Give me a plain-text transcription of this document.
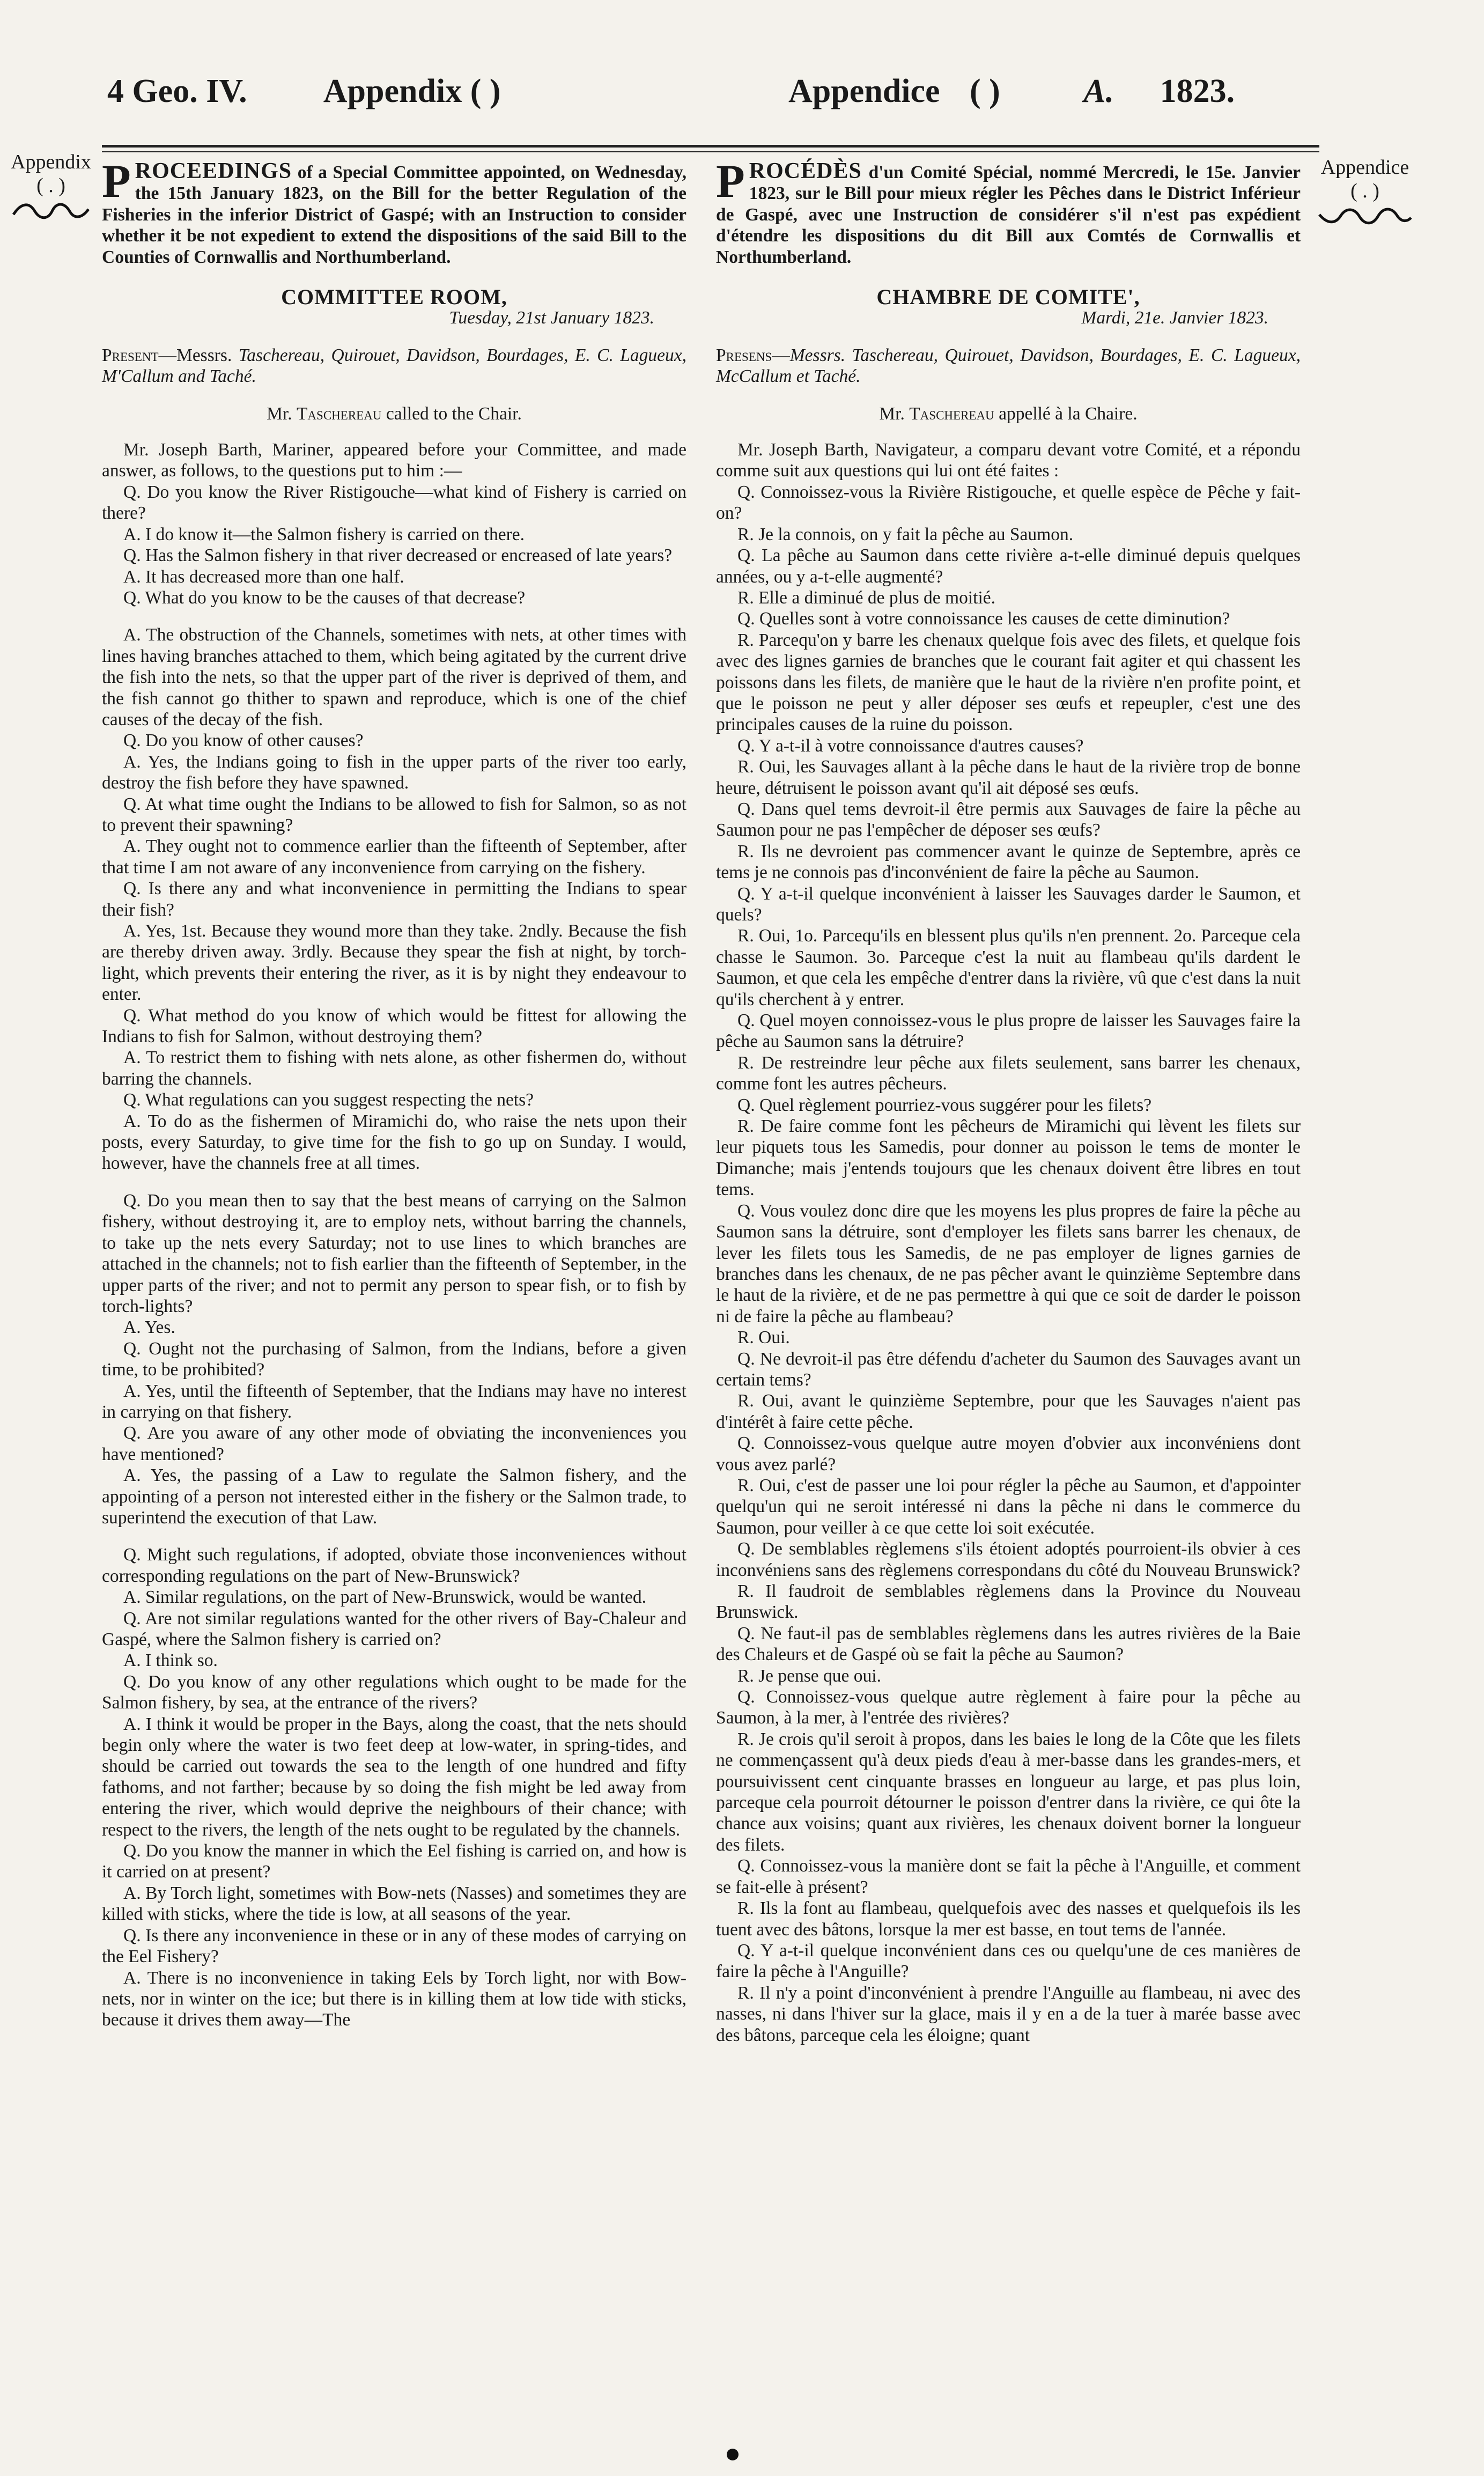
4 Geo. IV. Appendix ( )	Appendice ( )	A. 1823.
Appendix
( . )
Appendice
( . )
PROCEEDINGS of a Special Committee appointed, on Wednesday, the 15th January 1823, on the Bill for the better Regulation of the Fisheries in the inferior District of Gaspé; with an Instruction to consider whether it be not expedient to extend the dispositions of the said Bill to the Counties of Cornwallis and Northumberland.
COMMITTEE ROOM,
Tuesday, 21st January 1823.
Present—Messrs. Taschereau, Quirouet, Davidson, Bourdages, E. C. Lagueux, M'Callum and Taché.
Mr. Taschereau called to the Chair.

Mr. Joseph Barth, Mariner, appeared before your Committee, and made answer, as follows, to the questions put to him :—

Q. Do you know the River Ristigouche—what kind of Fishery is carried on there?

A. I do know it—the Salmon fishery is carried on there.

Q. Has the Salmon fishery in that river decreased or encreased of late years?

A. It has decreased more than one half.

Q. What do you know to be the causes of that decrease?

A. The obstruction of the Channels, sometimes with nets, at other times with lines having branches attached to them, which being agitated by the current drive the fish into the nets, so that the upper part of the river is deprived of them, and the fish cannot go thither to spawn and reproduce, which is one of the chief causes of the decay of the fish.

Q. Do you know of other causes?

A. Yes, the Indians going to fish in the upper parts of the river too early, destroy the fish before they have spawned.

Q. At what time ought the Indians to be allowed to fish for Salmon, so as not to prevent their spawning?

A. They ought not to commence earlier than the fifteenth of September, after that time I am not aware of any inconvenience from carrying on the fishery.

Q. Is there any and what inconvenience in permitting the Indians to spear their fish?

A. Yes, 1st. Because they wound more than they take. 2ndly. Because the fish are thereby driven away. 3rdly. Because they spear the fish at night, by torch-light, which prevents their entering the river, as it is by night they endeavour to enter.

Q. What method do you know of which would be fittest for allowing the Indians to fish for Salmon, without destroying them?

A. To restrict them to fishing with nets alone, as other fishermen do, without barring the channels.

Q. What regulations can you suggest respecting the nets?

A. To do as the fishermen of Miramichi do, who raise the nets upon their posts, every Saturday, to give time for the fish to go up on Sunday. I would, however, have the channels free at all times.

Q. Do you mean then to say that the best means of carrying on the Salmon fishery, without destroying it, are to employ nets, without barring the channels, to take up the nets every Saturday; not to use lines to which branches are attached in the channels; not to fish earlier than the fifteenth of September, in the upper parts of the river; and not to permit any person to spear fish, or to fish by torch-lights?

A. Yes.

Q. Ought not the purchasing of Salmon, from the Indians, before a given time, to be prohibited?

A. Yes, until the fifteenth of September, that the Indians may have no interest in carrying on that fishery.

Q. Are you aware of any other mode of obviating the inconveniences you have mentioned?

A. Yes, the passing of a Law to regulate the Salmon fishery, and the appointing of a person not interested either in the fishery or the Salmon trade, to superintend the execution of that Law.

Q. Might such regulations, if adopted, obviate those inconveniences without corresponding regulations on the part of New-Brunswick?

A. Similar regulations, on the part of New-Brunswick, would be wanted.

Q. Are not similar regulations wanted for the other rivers of Bay-Chaleur and Gaspé, where the Salmon fishery is carried on?

A. I think so.

Q. Do you know of any other regulations which ought to be made for the Salmon fishery, by sea, at the entrance of the rivers?

A. I think it would be proper in the Bays, along the coast, that the nets should begin only where the water is two feet deep at low-water, in spring-tides, and should be carried out towards the sea to the length of one hundred and fifty fathoms, and not farther; because by so doing the fish might be led away from entering the river, which would deprive the neighbours of their chance; with respect to the rivers, the length of the nets ought to be regulated by the channels.

Q. Do you know the manner in which the Eel fishing is carried on, and how is it carried on at present?

A. By Torch light, sometimes with Bow-nets (Nasses) and sometimes they are killed with sticks, where the tide is low, at all seasons of the year.

Q. Is there any inconvenience in these or in any of these modes of carrying on the Eel Fishery?

A. There is no inconvenience in taking Eels by Torch light, nor with Bow-nets, nor in winter on the ice; but there is in killing them at low tide with sticks, because it drives them away—The

PROCÉDÈS d'un Comité Spécial, nommé Mercredi, le 15e. Janvier 1823, sur le Bill pour mieux régler les Pêches dans le District Inférieur de Gaspé, avec une Instruction de considérer s'il n'est pas expédient d'étendre les dispositions du dit Bill aux Comtés de Cornwallis et Northumberland.
CHAMBRE DE COMITE',
Mardi, 21e. Janvier 1823.
Presens—Messrs. Taschereau, Quirouet, Davidson, Bourdages, E. C. Lagueux, McCallum et Taché.
Mr. Taschereau appellé à la Chaire.

Mr. Joseph Barth, Navigateur, a comparu devant votre Comité, et a répondu comme suit aux questions qui lui ont été faites :

Q. Connoissez-vous la Rivière Ristigouche, et quelle espèce de Pêche y fait-on?

R. Je la connois, on y fait la pêche au Saumon.

Q. La pêche au Saumon dans cette rivière a-t-elle diminué depuis quelques années, ou y a-t-elle augmenté?

R. Elle a diminué de plus de moitié.

Q. Quelles sont à votre connoissance les causes de cette diminution?

R. Parcequ'on y barre les chenaux quelque fois avec des filets, et quelque fois avec des lignes garnies de branches que le courant fait agiter et qui chassent les poissons dans les filets, de manière que le haut de la rivière n'en profite point, et que le poisson ne peut y aller déposer ses œufs et repeupler, c'est une des principales causes de la ruine du poisson.

Q. Y a-t-il à votre connoissance d'autres causes?

R. Oui, les Sauvages allant à la pêche dans le haut de la rivière trop de bonne heure, détruisent le poisson avant qu'il ait déposé ses œufs.

Q. Dans quel tems devroit-il être permis aux Sauvages de faire la pêche au Saumon pour ne pas l'empêcher de déposer ses œufs?

R. Ils ne devroient pas commencer avant le quinze de Septembre, après ce tems je ne connois pas d'inconvénient de faire la pêche au Saumon.

Q. Y a-t-il quelque inconvénient à laisser les Sauvages darder le Saumon, et quels?

R. Oui, 1o. Parcequ'ils en blessent plus qu'ils n'en prennent. 2o. Parceque cela chasse le Saumon. 3o. Parceque c'est la nuit au flambeau qu'ils dardent le Saumon, et que cela les empêche d'entrer dans la rivière, vû que c'est dans la nuit qu'ils cherchent à y entrer.

Q. Quel moyen connoissez-vous le plus propre de laisser les Sauvages faire la pêche au Saumon sans la détruire?

R. De restreindre leur pêche aux filets seulement, sans barrer les chenaux, comme font les autres pêcheurs.

Q. Quel règlement pourriez-vous suggérer pour les filets?

R. De faire comme font les pêcheurs de Miramichi qui lèvent les filets sur leur piquets tous les Samedis, pour donner au poisson le tems de monter le Dimanche; mais j'entends toujours que les chenaux doivent être libres en tout tems.

Q. Vous voulez donc dire que les moyens les plus propres de faire la pêche au Saumon sans la détruire, sont d'employer les filets sans barrer les chenaux, de lever les filets tous les Samedis, de ne pas employer de lignes garnies de branches dans les chenaux, de ne pas pêcher avant le quinzième Septembre dans le haut de la rivière, et de ne pas permettre à qui que ce soit de darder le poisson ni de faire la pêche au flambeau?

R. Oui.

Q. Ne devroit-il pas être défendu d'acheter du Saumon des Sauvages avant un certain tems?

R. Oui, avant le quinzième Septembre, pour que les Sauvages n'aient pas d'intérêt à faire cette pêche.

Q. Connoissez-vous quelque autre moyen d'obvier aux inconvéniens dont vous avez parlé?

R. Oui, c'est de passer une loi pour régler la pêche au Saumon, et d'appointer quelqu'un qui ne seroit intéressé ni dans la pêche ni dans le commerce du Saumon, pour veiller à ce que cette loi soit exécutée.

Q. De semblables règlemens s'ils étoient adoptés pourroient-ils obvier à ces inconvéniens sans des règlemens correspondans du côté du Nouveau Brunswick?

R. Il faudroit de semblables règlemens dans la Province du Nouveau Brunswick.

Q. Ne faut-il pas de semblables règlemens dans les autres rivières de la Baie des Chaleurs et de Gaspé où se fait la pêche au Saumon?

R. Je pense que oui.

Q. Connoissez-vous quelque autre règlement à faire pour la pêche au Saumon, à la mer, à l'entrée des rivières?

R. Je crois qu'il seroit à propos, dans les baies le long de la Côte que les filets ne commençassent qu'à deux pieds d'eau à mer-basse dans les grandes-mers, et poursuivissent cent cinquante brasses en longueur au large, et pas plus loin, parceque cela pourroit détourner le poisson d'entrer dans la rivière, ce qui ôte la chance aux voisins; quant aux rivières, les chenaux doivent borner la longueur des filets.

Q. Connoissez-vous la manière dont se fait la pêche à l'Anguille, et comment se fait-elle à présent?

R. Ils la font au flambeau, quelquefois avec des nasses et quelquefois ils les tuent avec des bâtons, lorsque la mer est basse, en tout tems de l'année.

Q. Y a-t-il quelque inconvénient dans ces ou quelqu'une de ces manières de faire la pêche à l'Anguille?

R. Il n'y a point d'inconvénient à prendre l'Anguille au flambeau, ni avec des nasses, ni dans l'hiver sur la glace, mais il y en a de la tuer à marée basse avec des bâtons, parceque cela les éloigne; quant
